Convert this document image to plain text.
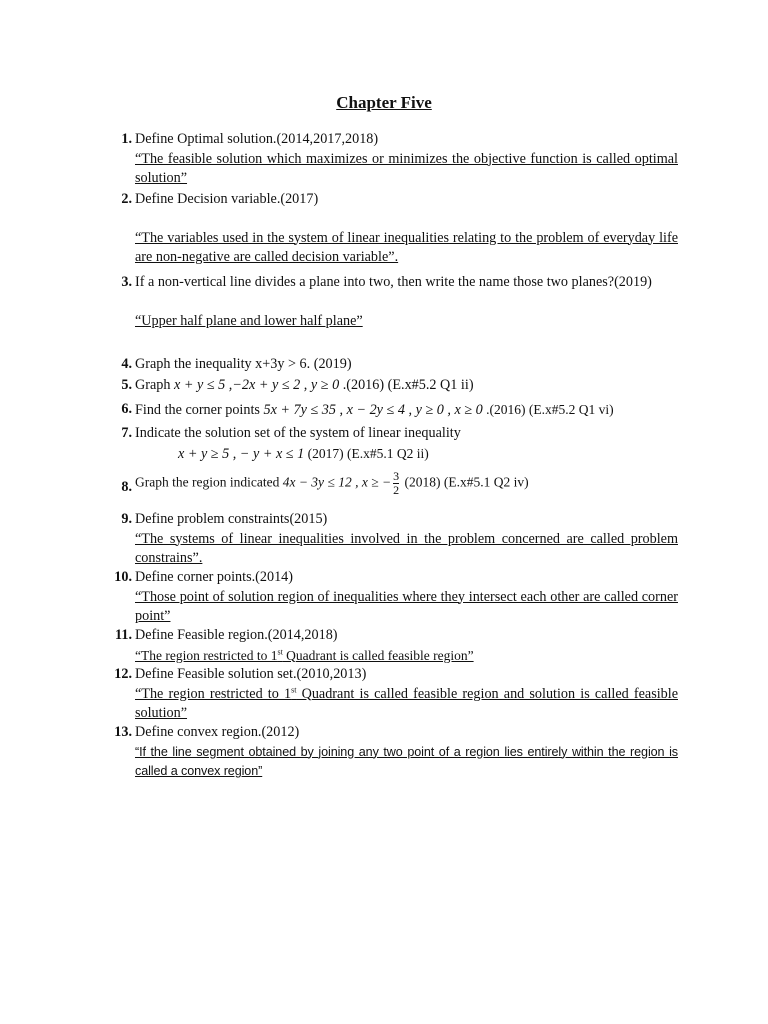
Chapter Five
1. Define Optimal solution.(2014,2017,2018)
“The feasible solution which maximizes or minimizes the objective function is called optimal solution”
2. Define Decision variable.(2017)
“The variables used in the system of linear inequalities relating to the problem of everyday life are non-negative are called decision variable”.
3. If a non-vertical line divides a plane into two, then write the name those two planes?(2019)
“Upper half plane and lower half plane”
4. Graph the inequality x+3y > 6. (2019)
5. Graph x + y ≤ 5 ,−2x + y ≤ 2 , y ≥ 0 .(2016) (E.x#5.2 Q1 ii)
6. Find the corner points 5x + 7y ≤ 35 , x − 2y ≤ 4 , y ≥ 0 , x ≥ 0 .(2016) (E.x#5.2 Q1 vi)
7. Indicate the solution set of the system of linear inequality
x + y ≥ 5 , − y + x ≤ 1 (2017) (E.x#5.1 Q2 ii)
8. Graph the region indicated 4x − 3y ≤ 12 , x ≥ − $\frac{3}{2} (2018)$ (E.x#5.1 Q2 iv)
9. Define problem constraints(2015)
“The systems of linear inequalities involved in the problem concerned are called problem constrains”.
10. Define corner points.(2014)
“Those point of solution region of inequalities where they intersect each other are called corner point”
11. Define Feasible region.(2014,2018)
“The region restricted to 1st Quadrant is called feasible region”
12. Define Feasible solution set.(2010,2013)
“The region restricted to 1st Quadrant is called feasible region and solution is called feasible solution”
13. Define convex region.(2012)
“If the line segment obtained by joining any two point of a region lies entirely within the region is called a convex region”
